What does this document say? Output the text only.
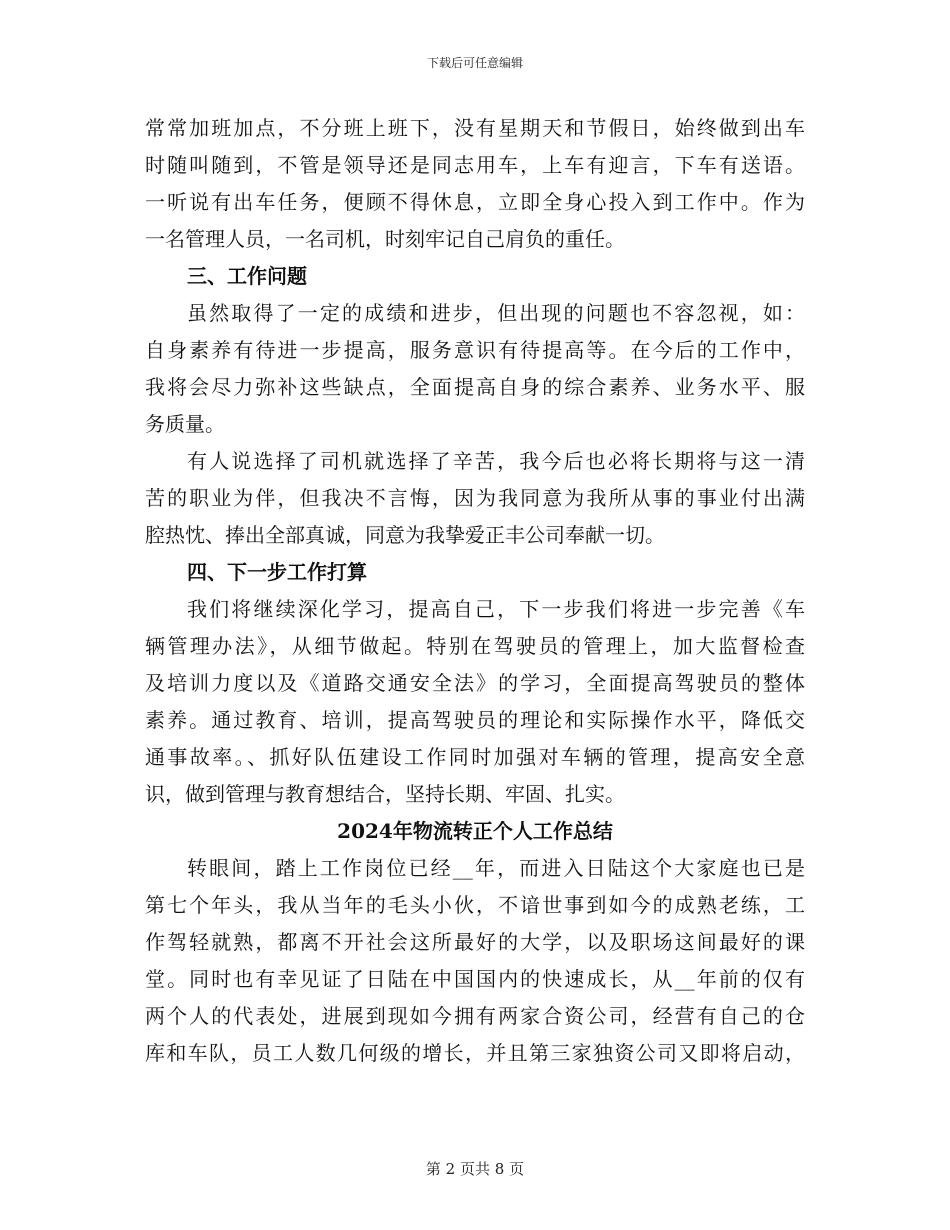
下载后可任意编辑
常常加班加点，不分班上班下，没有星期天和节假日，始终做到出车
时随叫随到，不管是领导还是同志用车，上车有迎言，下车有送语。
一听说有出车任务，便顾不得休息，立即全身心投入到工作中。作为
一名管理人员，一名司机，时刻牢记自己肩负的重任。
三、工作问题
虽然取得了一定的成绩和进步，但出现的问题也不容忽视，如：
自身素养有待进一步提高，服务意识有待提高等。在今后的工作中，
我将会尽力弥补这些缺点，全面提高自身的综合素养、业务水平、服
务质量。
有人说选择了司机就选择了辛苦，我今后也必将长期将与这一清
苦的职业为伴，但我决不言悔，因为我同意为我所从事的事业付出满
腔热忱、捧出全部真诚，同意为我挚爱正丰公司奉献一切。
四、下一步工作打算
我们将继续深化学习，提高自己，下一步我们将进一步完善《车
辆管理办法》，从细节做起。特别在驾驶员的管理上，加大监督检查
及培训力度以及《道路交通安全法》的学习，全面提高驾驶员的整体
素养。通过教育、培训，提高驾驶员的理论和实际操作水平，降低交
通事故率。、抓好队伍建设工作同时加强对车辆的管理，提高安全意
识，做到管理与教育想结合，坚持长期、牢固、扎实。
2024年物流转正个人工作总结
转眼间，踏上工作岗位已经__年，而进入日陆这个大家庭也已是
第七个年头，我从当年的毛头小伙，不谙世事到如今的成熟老练，工
作驾轻就熟，都离不开社会这所最好的大学，以及职场这间最好的课
堂。同时也有幸见证了日陆在中国国内的快速成长，从__年前的仅有
两个人的代表处，进展到现如今拥有两家合资公司，经营有自己的仓
库和车队，员工人数几何级的增长，并且第三家独资公司又即将启动，
第 2 页共 8 页
